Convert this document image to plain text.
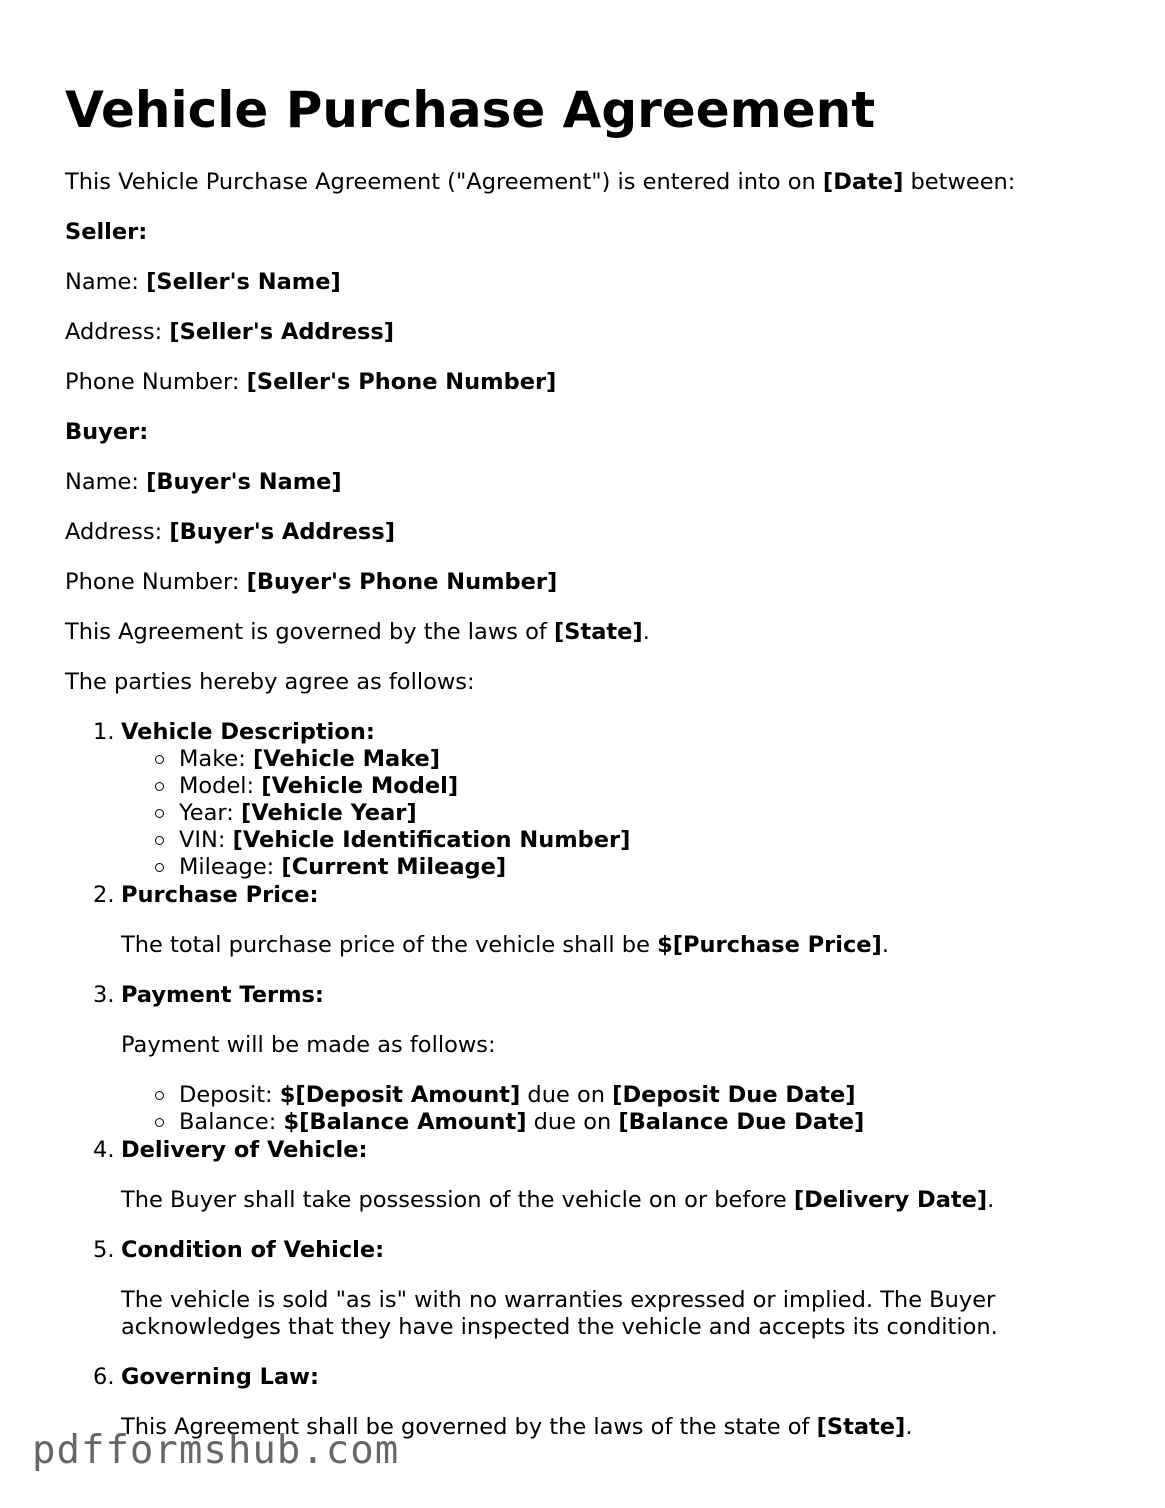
Vehicle Purchase Agreement

This Vehicle Purchase Agreement ("Agreement") is entered into on [Date] between:

Seller:

Name: [Seller's Name]

Address: [Seller's Address]

Phone Number: [Seller's Phone Number]

Buyer:

Name: [Buyer's Name]

Address: [Buyer's Address]

Phone Number: [Buyer's Phone Number]

This Agreement is governed by the laws of [State].

The parties hereby agree as follows:

1. Vehicle Description:
Make: [Vehicle Make]
Model: [Vehicle Model]
Year: [Vehicle Year]
VIN: [Vehicle Identification Number]
Mileage: [Current Mileage]
2. Purchase Price:
The total purchase price of the vehicle shall be $[Purchase Price].
3. Payment Terms:
Payment will be made as follows:
Deposit: $[Deposit Amount] due on [Deposit Due Date]
Balance: $[Balance Amount] due on [Balance Due Date]
4. Delivery of Vehicle:
The Buyer shall take possession of the vehicle on or before [Delivery Date].
5. Condition of Vehicle:
The vehicle is sold "as is" with no warranties expressed or implied. The Buyer
acknowledges that they have inspected the vehicle and accepts its condition.
6. Governing Law:
This Agreement shall be governed by the laws of the state of [State].
pdfformshub.com
